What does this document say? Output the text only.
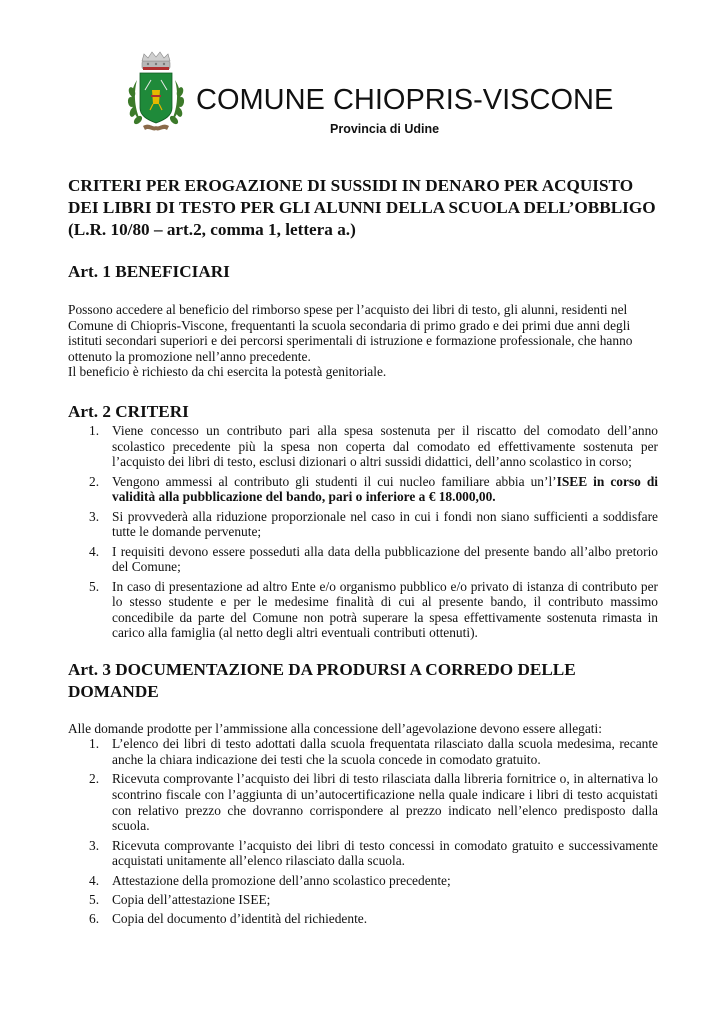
COMUNE CHIOPRIS-VISCONE
Provincia di Udine
CRITERI PER EROGAZIONE DI SUSSIDI IN DENARO PER ACQUISTO DEI LIBRI DI TESTO PER GLI ALUNNI DELLA SCUOLA DELL’OBBLIGO (L.R. 10/80 – art.2, comma 1, lettera a.)
Art. 1 BENEFICIARI

Possono accedere al beneficio del rimborso spese per l’acquisto dei libri di testo, gli alunni, residenti nel Comune di Chiopris-Viscone, frequentanti la scuola secondaria di primo grado e dei primi due anni degli istituti secondari superiori e dei percorsi sperimentali di istruzione e formazione professionale, che hanno ottenuto la promozione nell’anno precedente.

Il beneficio è richiesto da chi esercita la potestà genitoriale.

Art. 2 CRITERI
1. Viene concesso un contributo pari alla spesa sostenuta per il riscatto del comodato dell’anno scolastico precedente più la spesa non coperta dal comodato ed effettivamente sostenuta per l’acquisto dei libri di testo, esclusi dizionari o altri sussidi didattici, dell’anno scolastico in corso;
2. Vengono ammessi al contributo gli studenti il cui nucleo familiare abbia un’l’ISEE in corso di validità alla pubblicazione del bando, pari o inferiore a € 18.000,00.
3. Si provvederà alla riduzione proporzionale nel caso in cui i fondi non siano sufficienti a soddisfare tutte le domande pervenute;
4. I requisiti devono essere posseduti alla data della pubblicazione del presente bando all’albo pretorio del Comune;
5. In caso di presentazione ad altro Ente e/o organismo pubblico e/o privato di istanza di contributo per lo stesso studente e per le medesime finalità di cui al presente bando, il contributo massimo concedibile da parte del Comune non potrà superare la spesa effettivamente sostenuta rimasta in carico alla famiglia (al netto degli altri eventuali contributi ottenuti).
Art. 3 DOCUMENTAZIONE DA PRODURSI A CORREDO DELLE DOMANDE

Alle domande prodotte per l’ammissione alla concessione dell’agevolazione devono essere allegati:

1. L’elenco dei libri di testo adottati dalla scuola frequentata rilasciato dalla scuola medesima, recante anche la chiara indicazione dei testi che la scuola concede in comodato gratuito.
2. Ricevuta comprovante l’acquisto dei libri di testo rilasciata dalla libreria fornitrice o, in alternativa lo scontrino fiscale con l’aggiunta di un’autocertificazione nella quale indicare i libri di testo acquistati con relativo prezzo che dovranno corrispondere al prezzo indicato nell’elenco predisposto dalla scuola.
3. Ricevuta comprovante l’acquisto dei libri di testo concessi in comodato gratuito e successivamente acquistati unitamente all’elenco rilasciato dalla scuola.
4. Attestazione della promozione dell’anno scolastico precedente;
5. Copia dell’attestazione ISEE;
6. Copia del documento d’identità del richiedente.
